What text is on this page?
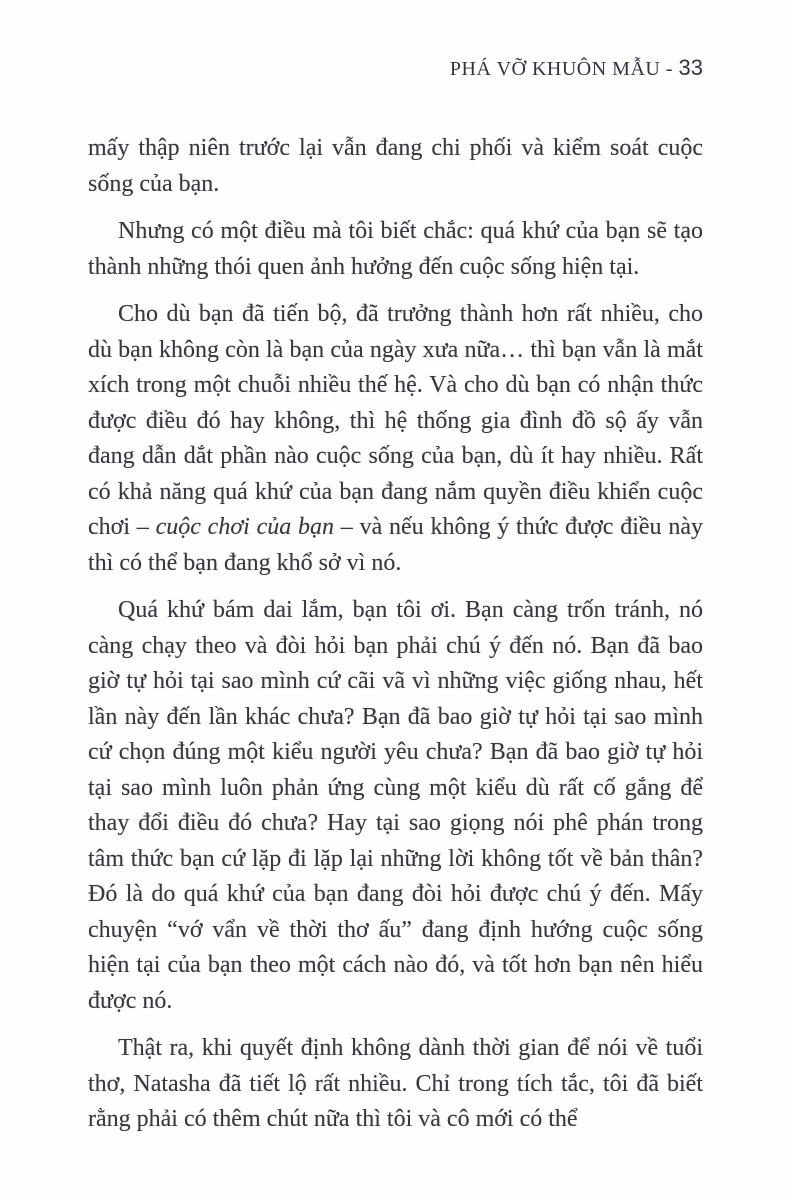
PHÁ VỠ KHUÔN MẪU - 33

mấy thập niên trước lại vẫn đang chi phối và kiểm soát cuộc sống của bạn.

Nhưng có một điều mà tôi biết chắc: quá khứ của bạn sẽ tạo thành những thói quen ảnh hưởng đến cuộc sống hiện tại.

Cho dù bạn đã tiến bộ, đã trưởng thành hơn rất nhiều, cho dù bạn không còn là bạn của ngày xưa nữa… thì bạn vẫn là mắt xích trong một chuỗi nhiều thế hệ. Và cho dù bạn có nhận thức được điều đó hay không, thì hệ thống gia đình đồ sộ ấy vẫn đang dẫn dắt phần nào cuộc sống của bạn, dù ít hay nhiều. Rất có khả năng quá khứ của bạn đang nắm quyền điều khiển cuộc chơi – cuộc chơi của bạn – và nếu không ý thức được điều này thì có thể bạn đang khổ sở vì nó.

Quá khứ bám dai lắm, bạn tôi ơi. Bạn càng trốn tránh, nó càng chạy theo và đòi hỏi bạn phải chú ý đến nó. Bạn đã bao giờ tự hỏi tại sao mình cứ cãi vã vì những việc giống nhau, hết lần này đến lần khác chưa? Bạn đã bao giờ tự hỏi tại sao mình cứ chọn đúng một kiểu người yêu chưa? Bạn đã bao giờ tự hỏi tại sao mình luôn phản ứng cùng một kiểu dù rất cố gắng để thay đổi điều đó chưa? Hay tại sao giọng nói phê phán trong tâm thức bạn cứ lặp đi lặp lại những lời không tốt về bản thân? Đó là do quá khứ của bạn đang đòi hỏi được chú ý đến. Mấy chuyện “vớ vẩn về thời thơ ấu” đang định hướng cuộc sống hiện tại của bạn theo một cách nào đó, và tốt hơn bạn nên hiểu được nó.

Thật ra, khi quyết định không dành thời gian để nói về tuổi thơ, Natasha đã tiết lộ rất nhiều. Chỉ trong tích tắc, tôi đã biết rằng phải có thêm chút nữa thì tôi và cô mới có thể
